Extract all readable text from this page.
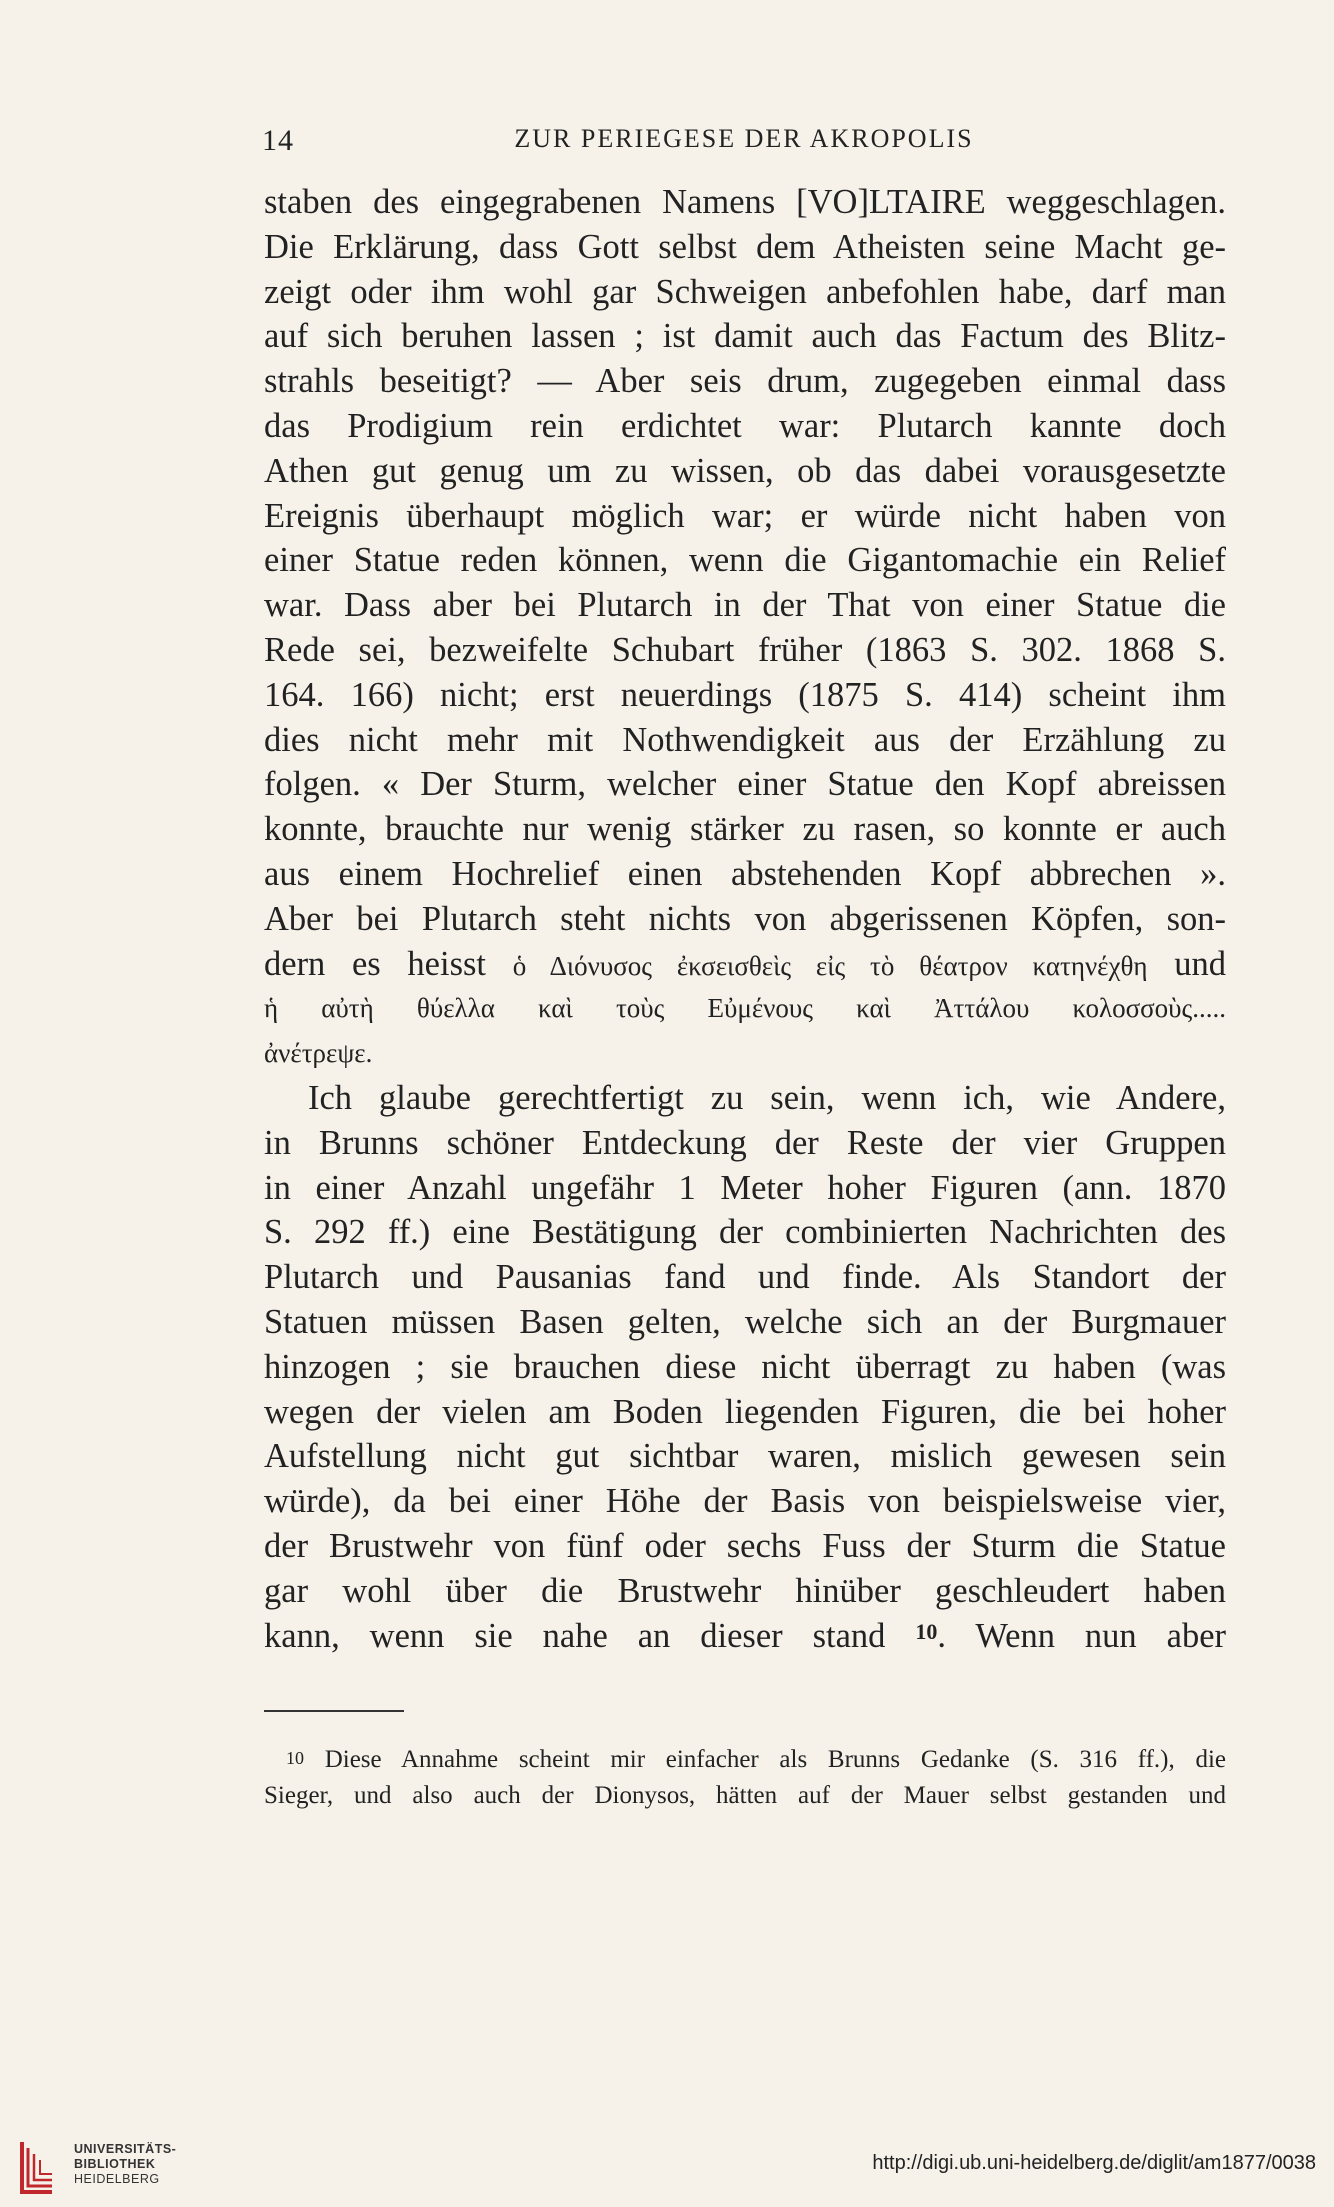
14	ZUR PERIEGESE DER AKROPOLIS
staben des eingegrabenen Namens [VO]LTAIRE weggeschlagen.
Die Erklärung, dass Gott selbst dem Atheisten seine Macht ge-
zeigt oder ihm wohl gar Schweigen anbefohlen habe, darf man
auf sich beruhen lassen ; ist damit auch das Factum des Blitz-
strahls beseitigt? — Aber seis drum, zugegeben einmal dass
das Prodigium rein erdichtet war: Plutarch kannte doch
Athen gut genug um zu wissen, ob das dabei vorausgesetzte
Ereignis überhaupt möglich war; er würde nicht haben von
einer Statue reden können, wenn die Gigantomachie ein Relief
war. Dass aber bei Plutarch in der That von einer Statue die
Rede sei, bezweifelte Schubart früher (1863 S. 302. 1868 S.
164. 166) nicht; erst neuerdings (1875 S. 414) scheint ihm
dies nicht mehr mit Nothwendigkeit aus der Erzählung zu
folgen. « Der Sturm, welcher einer Statue den Kopf abreissen
konnte, brauchte nur wenig stärker zu rasen, so konnte er auch
aus einem Hochrelief einen abstehenden Kopf abbrechen ».
Aber bei Plutarch steht nichts von abgerissenen Köpfen, son-
dern es heisst ὁ Διόνυσος ἐκσεισθεὶς εἰς τὸ θέατρον κατηνέχθη und
ἡ αὐτὴ θύελλα καὶ τοὺς Εὐμένους καὶ Ἀττάλου κολοσσοὺς.....
ἀνέτρεψε.
Ich glaube gerechtfertigt zu sein, wenn ich, wie Andere,
in Brunns schöner Entdeckung der Reste der vier Gruppen
in einer Anzahl ungefähr 1 Meter hoher Figuren (ann. 1870
S. 292 ff.) eine Bestätigung der combinierten Nachrichten des
Plutarch und Pausanias fand und finde. Als Standort der
Statuen müssen Basen gelten, welche sich an der Burgmauer
hinzogen ; sie brauchen diese nicht überragt zu haben (was
wegen der vielen am Boden liegenden Figuren, die bei hoher
Aufstellung nicht gut sichtbar waren, mislich gewesen sein
würde), da bei einer Höhe der Basis von beispielsweise vier,
der Brustwehr von fünf oder sechs Fuss der Sturm die Statue
gar wohl über die Brustwehr hinüber geschleudert haben
kann, wenn sie nahe an dieser stand $^{10}$. Wenn nun aber
$^{10}$ Diese Annahme scheint mir einfacher als Brunns Gedanke (S. 316 ff.), die
Sieger, und also auch der Dionysos, hätten auf der Mauer selbst gestanden und
UNIVERSITÄTS-
BIBLIOTHEK
HEIDELBERG
http://digi.ub.uni-heidelberg.de/diglit/am1877/0038
